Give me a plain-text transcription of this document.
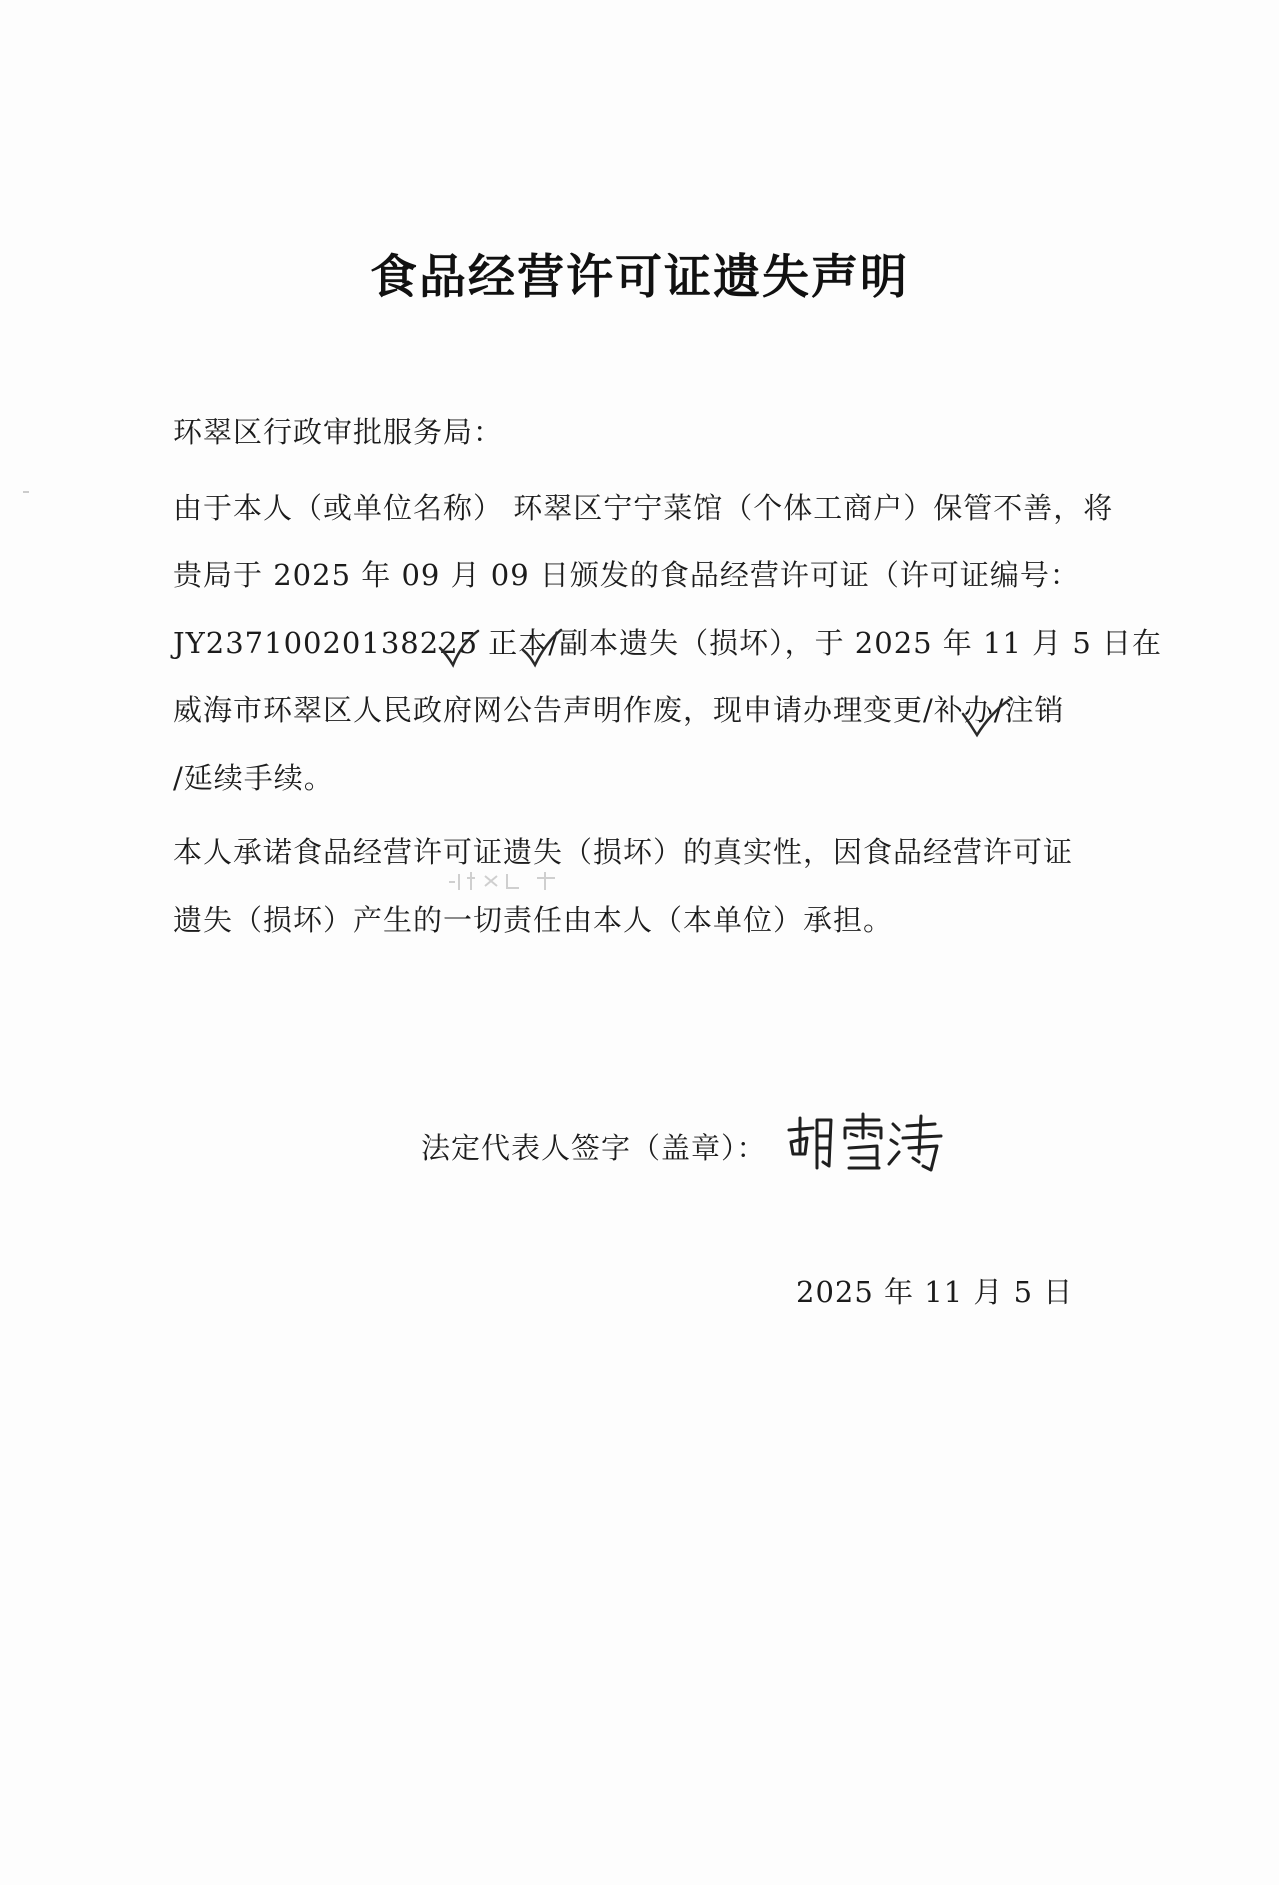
食品经营许可证遗失声明
环翠区行政审批服务局：
由于本人（或单位名称） 环翠区宁宁菜馆（个体工商户）保管不善，将
贵局于 2025 年 09 月 09 日颁发的食品经营许可证（许可证编号：
JY23710020138225 正本/副本遗失（损坏），于 2025 年 11 月 5 日在
威海市环翠区人民政府网公告声明作废，现申请办理变更/补办/注销
/延续手续。
本人承诺食品经营许可证遗失（损坏）的真实性，因食品经营许可证
遗失（损坏）产生的一切责任由本人（本单位）承担。
法定代表人签字（盖章）：
2025 年 11 月 5 日
